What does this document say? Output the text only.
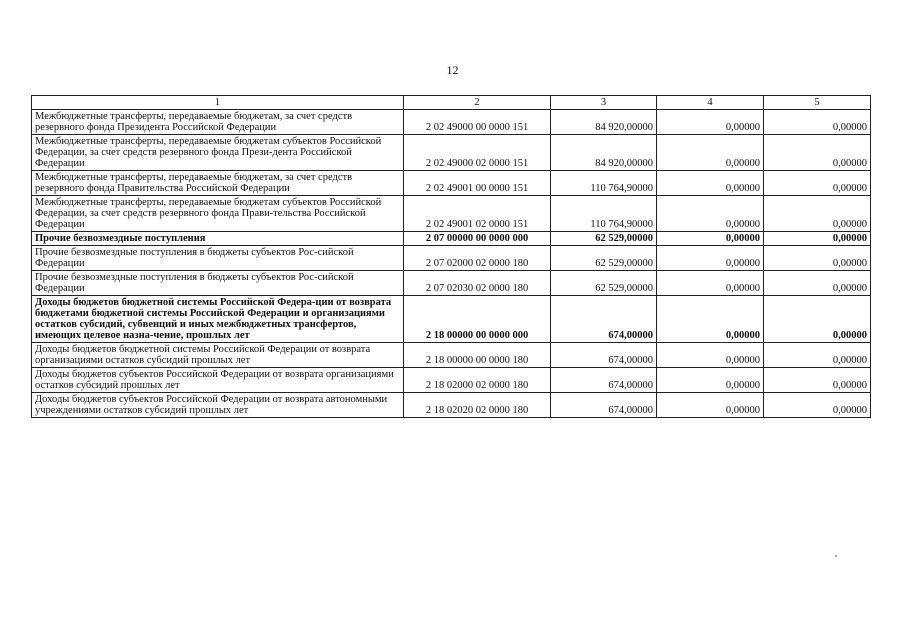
12
1	2	3	4	5
Межбюджетные трансферты, передаваемые бюджетам, за счет средств резервного фонда Президента Российской Федерации	2 02 49000 00 0000 151	84 920,00000	0,00000	0,00000
Межбюджетные трансферты, передаваемые бюджетам субъектов Российской Федерации, за счет средств резервного фонда Прези-дента Российской Федерации	2 02 49000 02 0000 151	84 920,00000	0,00000	0,00000
Межбюджетные трансферты, передаваемые бюджетам, за счет средств резервного фонда Правительства Российской Федерации	2 02 49001 00 0000 151	110 764,90000	0,00000	0,00000
Межбюджетные трансферты, передаваемые бюджетам субъектов Российской Федерации, за счет средств резервного фонда Прави-тельства Российской Федерации	2 02 49001 02 0000 151	110 764,90000	0,00000	0,00000
Прочие безвозмездные поступления	2 07 00000 00 0000 000	62 529,00000	0,00000	0,00000
Прочие безвозмездные поступления в бюджеты субъектов Рос-сийской Федерации	2 07 02000 02 0000 180	62 529,00000	0,00000	0,00000
Прочие безвозмездные поступления в бюджеты субъектов Рос-сийской Федерации	2 07 02030 02 0000 180	62 529,00000	0,00000	0,00000
Доходы бюджетов бюджетной системы Российской Федера-ции от возврата бюджетами бюджетной системы Российской Федерации и организациями остатков субсидий, субвенций и иных межбюджетных трансфертов, имеющих целевое назна-чение, прошлых лет	2 18 00000 00 0000 000	674,00000	0,00000	0,00000
Доходы бюджетов бюджетной системы Российской Федерации от возврата организациями остатков субсидий прошлых лет	2 18 00000 00 0000 180	674,00000	0,00000	0,00000
Доходы бюджетов субъектов Российской Федерации от возврата организациями остатков субсидий прошлых лет	2 18 02000 02 0000 180	674,00000	0,00000	0,00000
Доходы бюджетов субъектов Российской Федерации от возврата автономными учреждениями остатков субсидий прошлых лет	2 18 02020 02 0000 180	674,00000	0,00000	0,00000
